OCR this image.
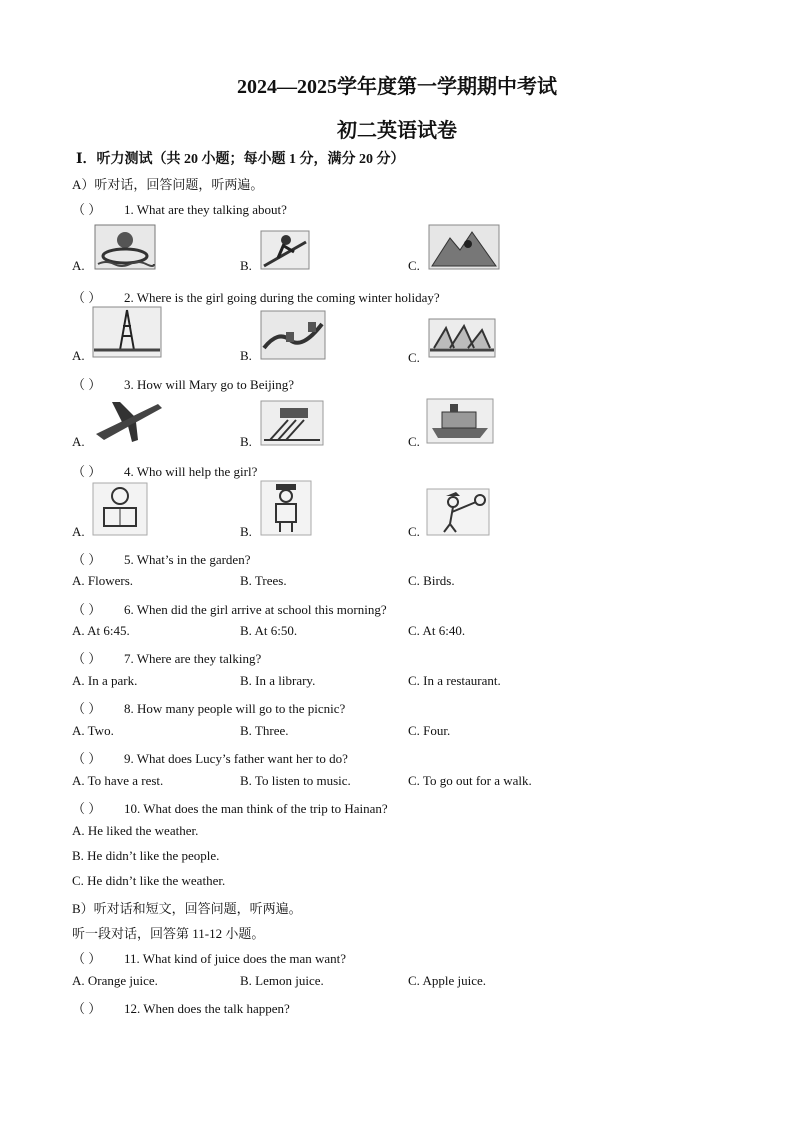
2024—2025学年度第一学期期中考试
初二英语试卷
Ⅰ．听力测试（共 20 小题；每小题 1 分，满分 20 分）
A）听对话，回答问题，听两遍。
（ ） 1. What are they talking about?
A.	B.	C.
（ ） 2. Where is the girl going during the coming winter holiday?
A.	B.	C.
（ ） 3. How will Mary go to Beijing?
A.	B.	C.
（ ） 4. Who will help the girl?
A.	B.	C.
（ ） 5. What’s in the garden?
A. Flowers.	B. Trees.	C. Birds.
（ ） 6. When did the girl arrive at school this morning?
A. At 6:45.	B. At 6:50.	C. At 6:40.
（ ） 7. Where are they talking?
A. In a park.	B. In a library.	C. In a restaurant.
（ ） 8. How many people will go to the picnic?
A. Two.	B. Three.	C. Four.
（ ） 9. What does Lucy’s father want her to do?
A. To have a rest.	B. To listen to music.	C. To go out for a walk.
（ ） 10. What does the man think of the trip to Hainan?
A. He liked the weather.
B. He didn’t like the people.
C. He didn’t like the weather.
B）听对话和短文，回答问题，听两遍。
听一段对话，回答第 11-12 小题。
（ ） 11. What kind of juice does the man want?
A. Orange juice.	B. Lemon juice.	C. Apple juice.
（ ） 12. When does the talk happen?
